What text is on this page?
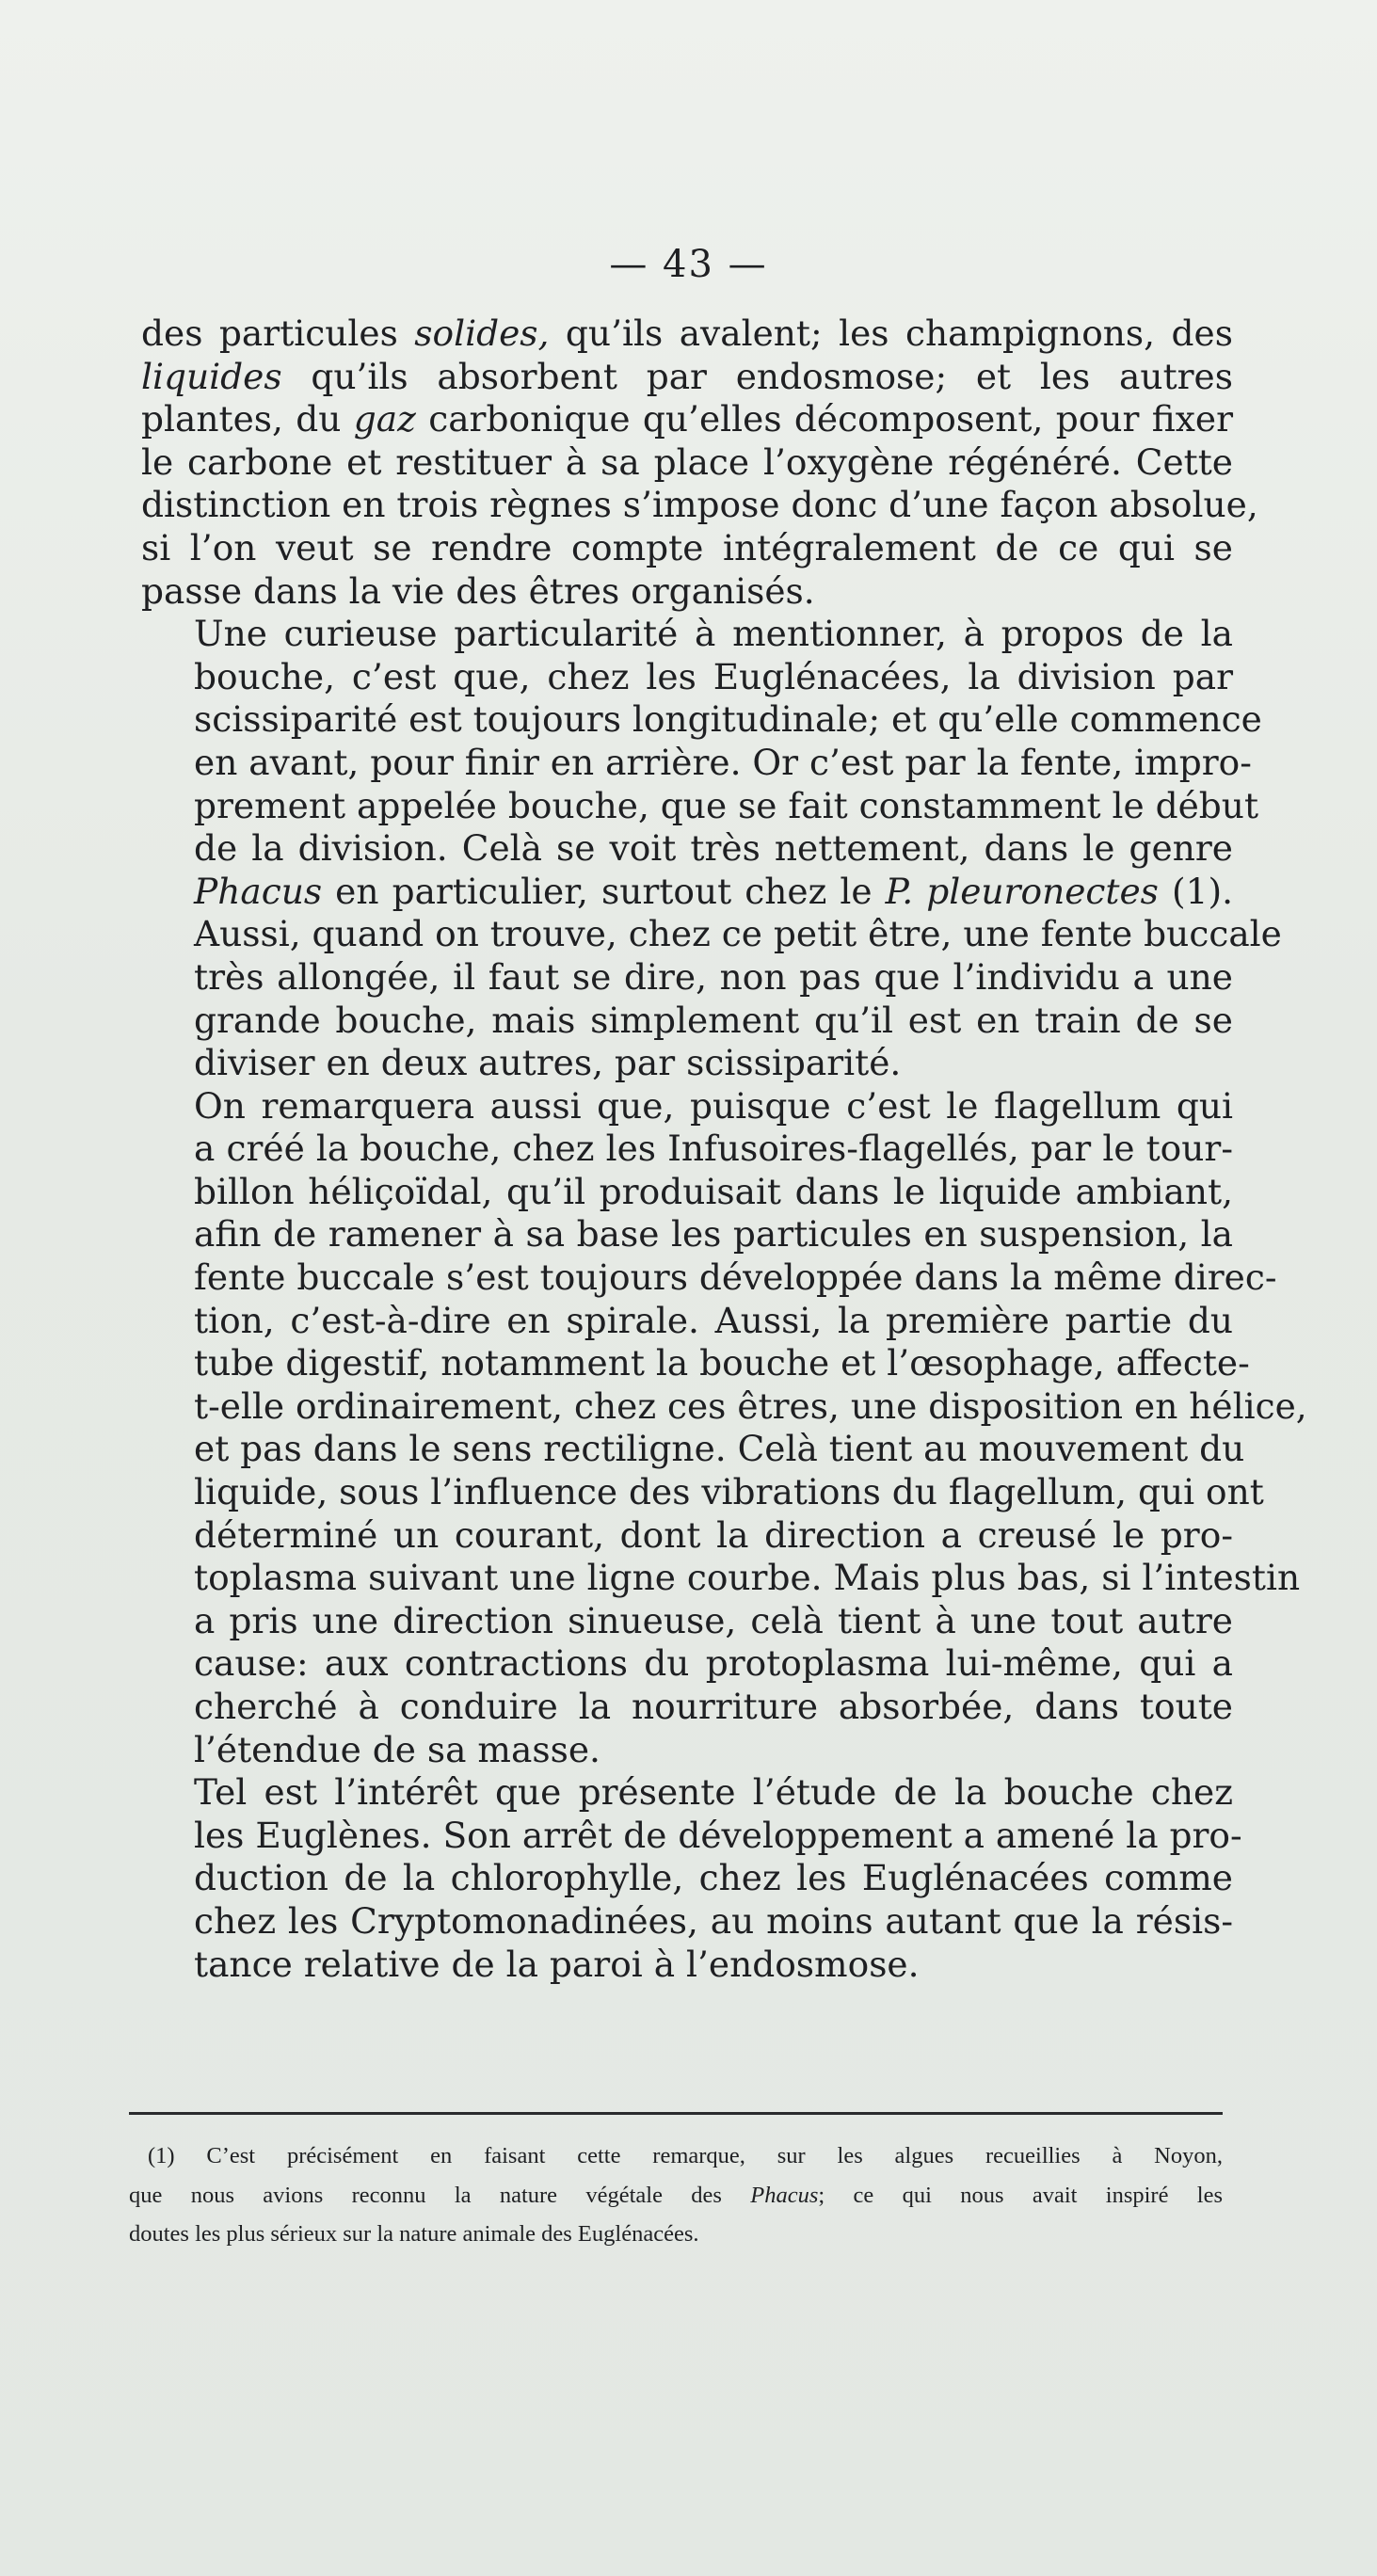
— 43 —

des particules solides, qu’ils avalent; les champignons, des
liquides qu’ils absorbent par endosmose; et les autres
plantes, du gaz carbonique qu’elles décomposent, pour fixer
le carbone et restituer à sa place l’oxygène régénéré. Cette
distinction en trois règnes s’impose donc d’une façon absolue,
si l’on veut se rendre compte intégralement de ce qui se
passe dans la vie des êtres organisés.

Une curieuse particularité à mentionner, à propos de la
bouche, c’est que, chez les Euglénacées, la division par
scissiparité est toujours longitudinale; et qu’elle commence
en avant, pour finir en arrière. Or c’est par la fente, impro-
prement appelée bouche, que se fait constamment le début
de la division. Celà se voit très nettement, dans le genre
Phacus en particulier, surtout chez le P. pleuronectes (1).
Aussi, quand on trouve, chez ce petit être, une fente buccale
très allongée, il faut se dire, non pas que l’individu a une
grande bouche, mais simplement qu’il est en train de se
diviser en deux autres, par scissiparité.

On remarquera aussi que, puisque c’est le flagellum qui
a créé la bouche, chez les Infusoires-flagellés, par le tour-
billon héliçoïdal, qu’il produisait dans le liquide ambiant,
afin de ramener à sa base les particules en suspension, la
fente buccale s’est toujours développée dans la même direc-
tion, c’est-à-dire en spirale. Aussi, la première partie du
tube digestif, notamment la bouche et l’œsophage, affecte-
t-elle ordinairement, chez ces êtres, une disposition en hélice,
et pas dans le sens rectiligne. Celà tient au mouvement du
liquide, sous l’influence des vibrations du flagellum, qui ont
déterminé un courant, dont la direction a creusé le pro-
toplasma suivant une ligne courbe. Mais plus bas, si l’intestin
a pris une direction sinueuse, celà tient à une tout autre
cause: aux contractions du protoplasma lui-même, qui a
cherché à conduire la nourriture absorbée, dans toute
l’étendue de sa masse.

Tel est l’intérêt que présente l’étude de la bouche chez
les Euglènes. Son arrêt de développement a amené la pro-
duction de la chlorophylle, chez les Euglénacées comme
chez les Cryptomonadinées, au moins autant que la résis-
tance relative de la paroi à l’endosmose.

(1) C’est précisément en faisant cette remarque, sur les algues recueillies à Noyon,
que nous avions reconnu la nature végétale des Phacus; ce qui nous avait inspiré les
doutes les plus sérieux sur la nature animale des Euglénacées.
